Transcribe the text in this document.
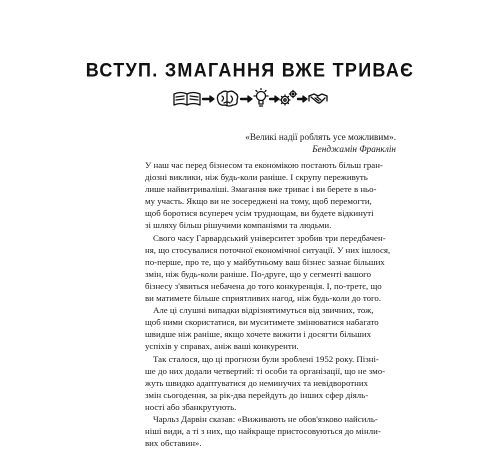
ВСТУП. ЗМАГАННЯ ВЖЕ ТРИВАЄ
«Великі надії роблять усе можливим».
Бенджамін Франклін
У наш час перед бізнесом та економікою постають більш гран-
діозні виклики, ніж будь-коли раніше. І скрупу переживуть
лише найвитриваліші. Змагання вже триває і ви берете в ньо-
му участь. Якщо ви не зосереджені на тому, щоб перемогти,
щоб боротися всупереч усім труднощам, ви будете відкинуті
зі шляху більш рішучими компаніями та людьми.
Свого часу Гарвардський університет зробив три передбачен-
ня, що стосувалися поточної економічної ситуації. У них ішлося,
по-перше, про те, що у майбутньому ваш бізнес зазнає більших
змін, ніж будь-коли раніше. По-друге, що у сегменті вашого
бізнесу з'явиться небачена до того конкуренція. І, по-третє, що
ви матимете більше сприятливих нагод, ніж будь-коли до того.
Але ці слушні випадки відрізнятимуться від звичних, тож,
щоб ними скористатися, ви муситимете змінюватися набагато
швидше ніж раніше, якщо хочете вижити і досягти більших
успіхів у справах, аніж ваші конкуренти.
Так сталося, що ці прогнози були зроблені 1952 року. Пізні-
ше до них додали четвертий: ті особи та організації, що не змо-
жуть швидко адаптуватися до неминучих та невідворотних
змін сьогодення, за рік-два перейдуть до інших сфер діяль-
ності або збанкрутують.
Чарльз Дарвін сказав: «Виживають не обов'язково найсиль-
ніші види, а ті з них, що найкраще пристосовуються до мінли-
вих обставин».
